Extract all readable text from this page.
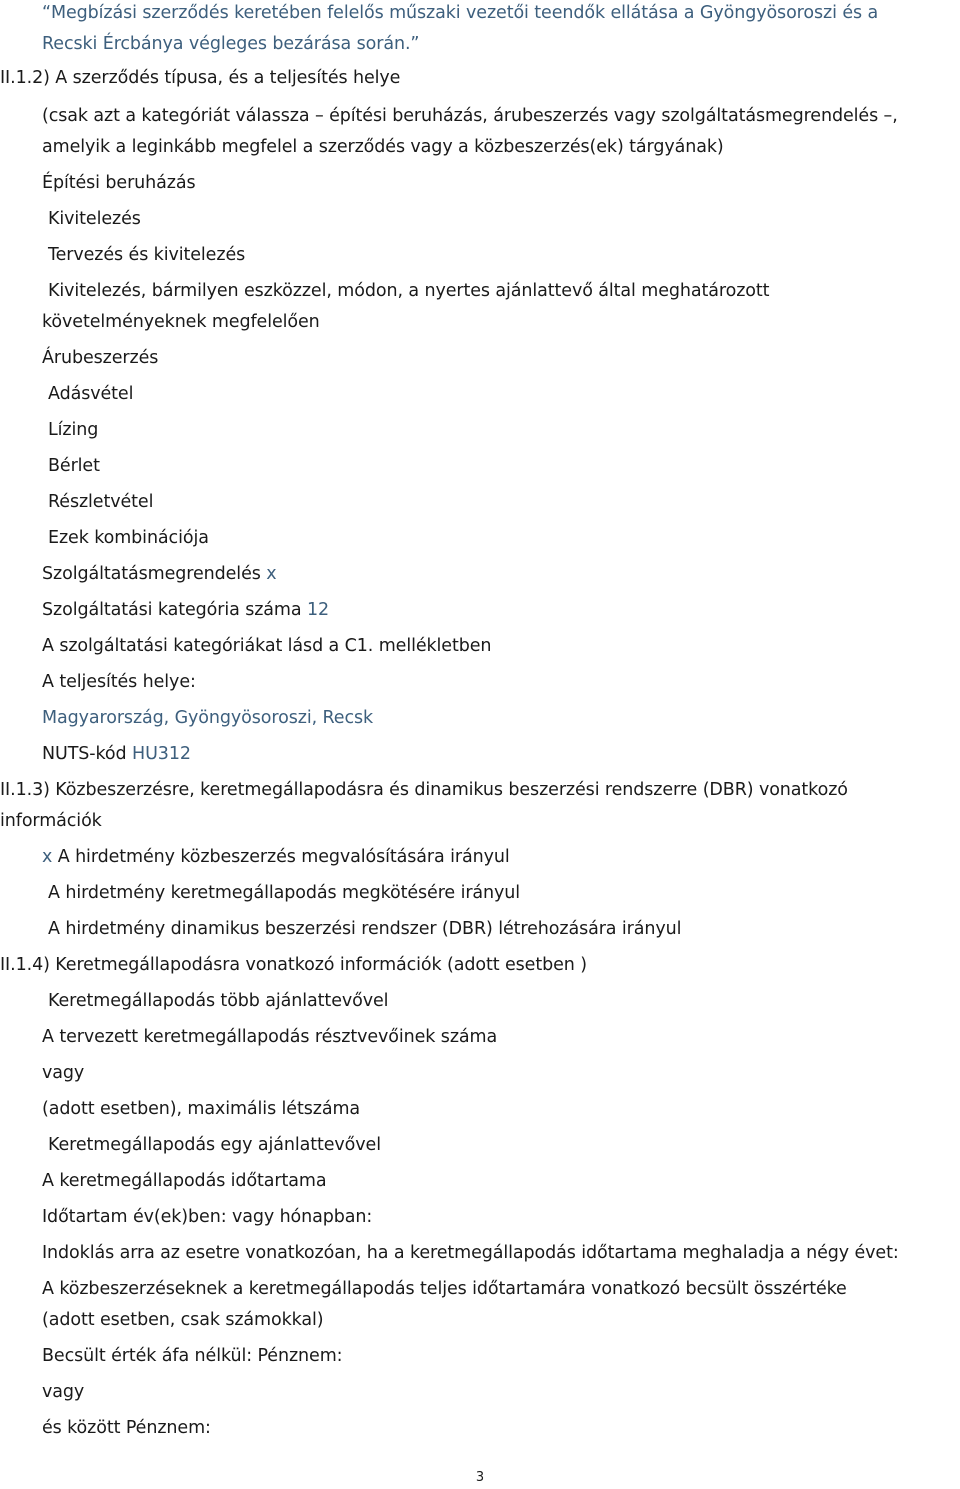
“Megbízási szerződés keretében felelős műszaki vezetői teendők ellátása a Gyöngyösoroszi és a
Recski Ércbánya végleges bezárása során.”
II.1.2) A szerződés típusa, és a teljesítés helye
(csak azt a kategóriát válassza – építési beruházás, árubeszerzés vagy szolgáltatásmegrendelés –,
amelyik a leginkább megfelel a szerződés vagy a közbeszerzés(ek) tárgyának)
Építési beruházás
Kivitelezés
Tervezés és kivitelezés
Kivitelezés, bármilyen eszközzel, módon, a nyertes ajánlattevő által meghatározott
követelményeknek megfelelően
Árubeszerzés
Adásvétel
Lízing
Bérlet
Részletvétel
Ezek kombinációja
Szolgáltatásmegrendelés x
Szolgáltatási kategória száma 12
A szolgáltatási kategóriákat lásd a C1. mellékletben
A teljesítés helye:
Magyarország, Gyöngyösoroszi, Recsk
NUTS-kód HU312
II.1.3) Közbeszerzésre, keretmegállapodásra és dinamikus beszerzési rendszerre (DBR) vonatkozó
információk
x A hirdetmény közbeszerzés megvalósítására irányul
A hirdetmény keretmegállapodás megkötésére irányul
A hirdetmény dinamikus beszerzési rendszer (DBR) létrehozására irányul
II.1.4) Keretmegállapodásra vonatkozó információk (adott esetben )
Keretmegállapodás több ajánlattevővel
A tervezett keretmegállapodás résztvevőinek száma
vagy
(adott esetben), maximális létszáma
Keretmegállapodás egy ajánlattevővel
A keretmegállapodás időtartama
Időtartam év(ek)ben: vagy hónapban:
Indoklás arra az esetre vonatkozóan, ha a keretmegállapodás időtartama meghaladja a négy évet:
A közbeszerzéseknek a keretmegállapodás teljes időtartamára vonatkozó becsült összértéke
(adott esetben, csak számokkal)
Becsült érték áfa nélkül: Pénznem:
vagy
és között Pénznem:
3
